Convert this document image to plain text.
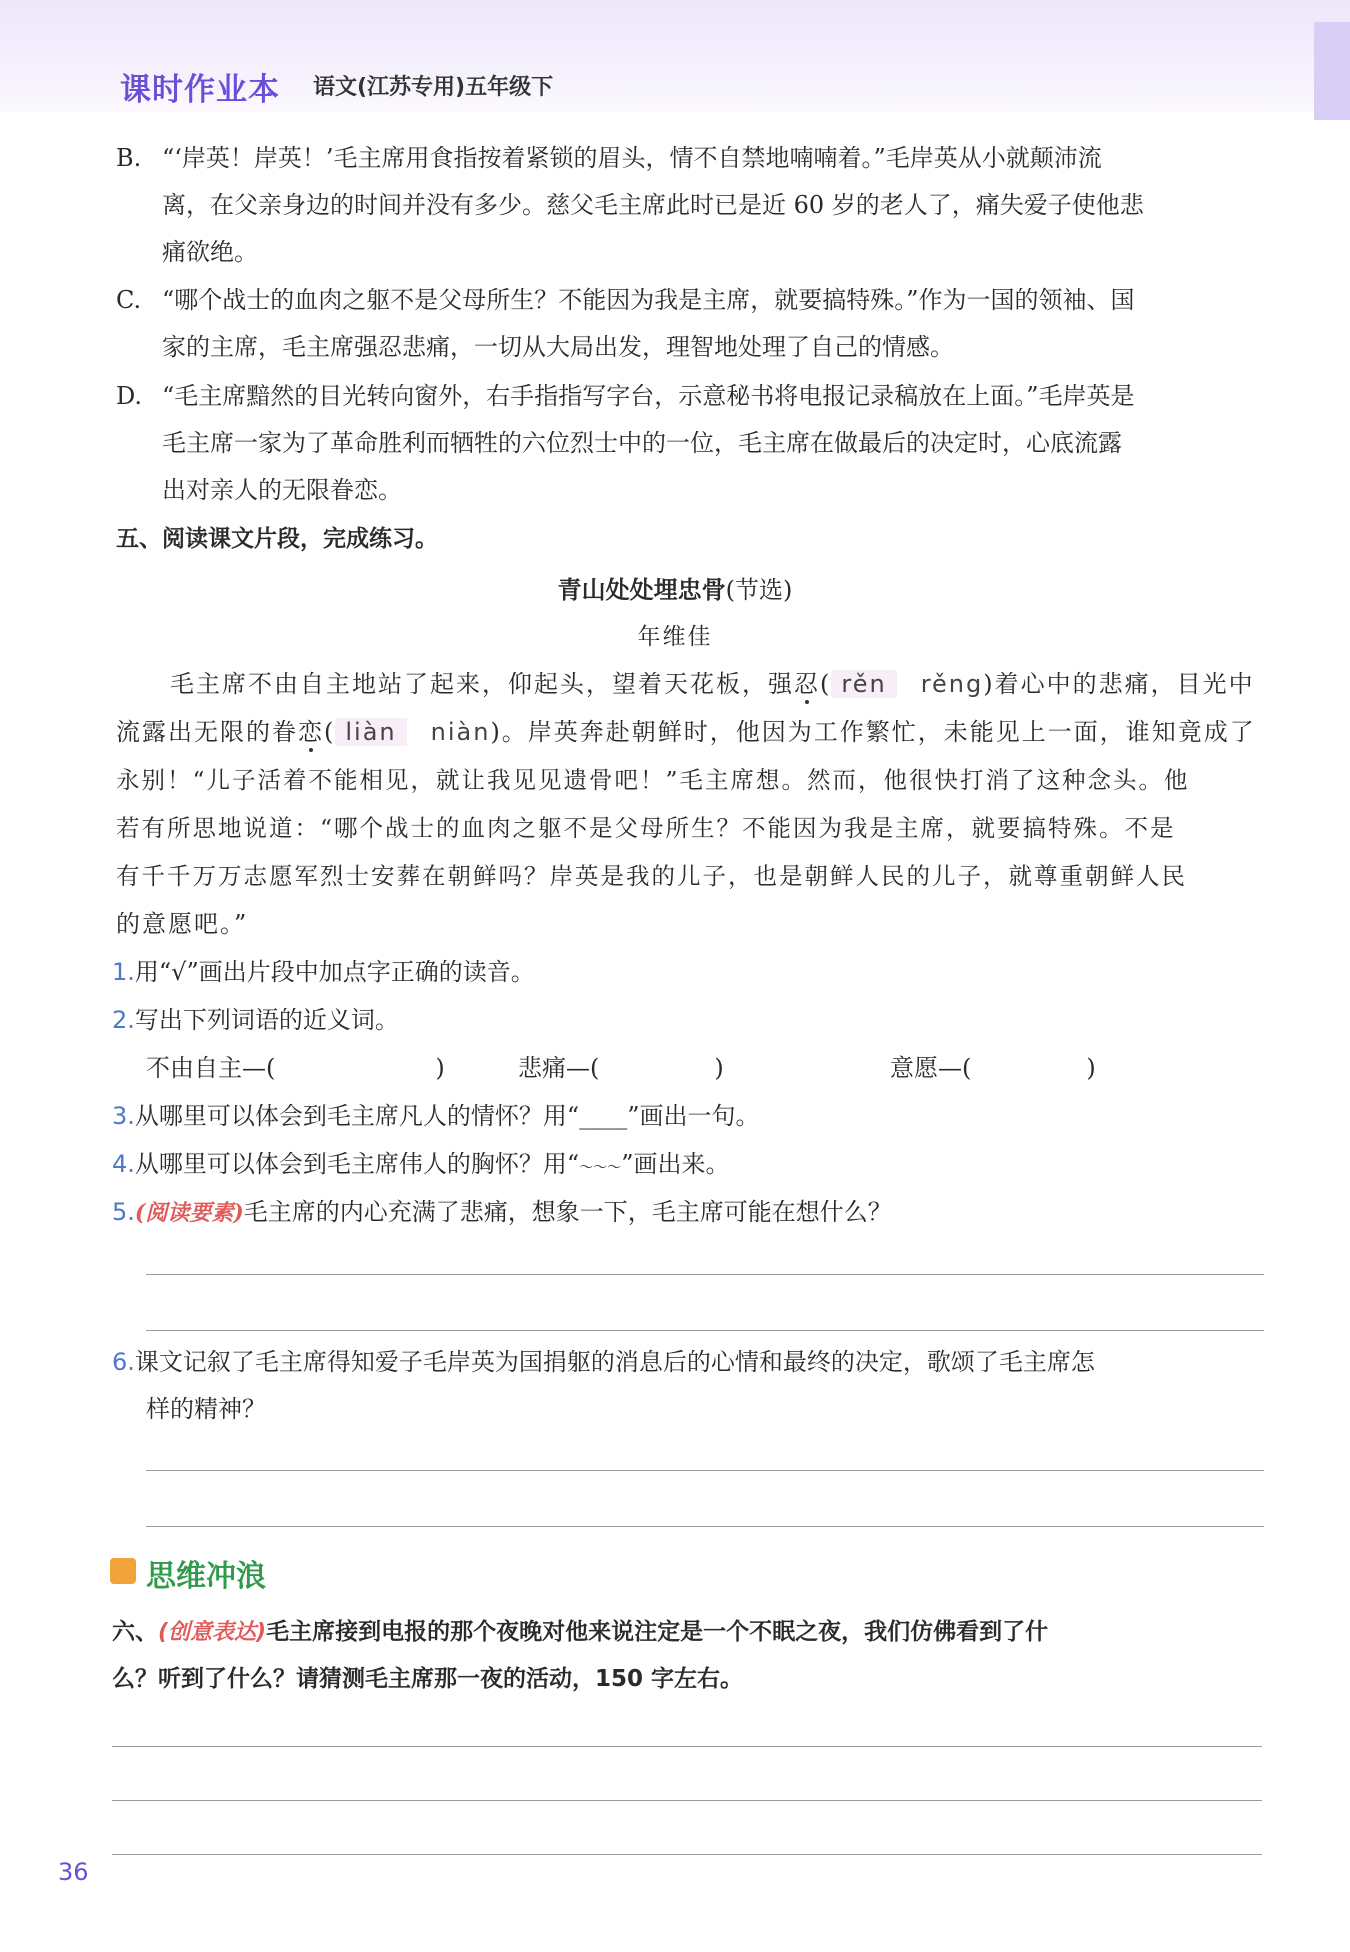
课时作业本 语文(江苏专用)五年级下
B. “‘岸英！岸英！’毛主席用食指按着紧锁的眉头，情不自禁地喃喃着。”毛岸英从小就颠沛流
离，在父亲身边的时间并没有多少。慈父毛主席此时已是近 60 岁的老人了，痛失爱子使他悲
痛欲绝。
C. “哪个战士的血肉之躯不是父母所生？不能因为我是主席，就要搞特殊。”作为一国的领袖、国
家的主席，毛主席强忍悲痛，一切从大局出发，理智地处理了自己的情感。
D. “毛主席黯然的目光转向窗外，右手指指写字台，示意秘书将电报记录稿放在上面。”毛岸英是
毛主席一家为了革命胜利而牺牲的六位烈士中的一位，毛主席在做最后的决定时，心底流露
出对亲人的无限眷恋。
五、阅读课文片段，完成练习。
青山处处埋忠骨(节选)
年维佳
毛主席不由自主地站了起来，仰起头，望着天花板，强忍( rěn rěng)着心中的悲痛，目光中
流露出无限的眷恋( liàn niàn)。岸英奔赴朝鲜时，他因为工作繁忙，未能见上一面，谁知竟成了
永别！“儿子活着不能相见，就让我见见遗骨吧！”毛主席想。然而，他很快打消了这种念头。他
若有所思地说道：“哪个战士的血肉之躯不是父母所生？不能因为我是主席，就要搞特殊。不是
有千千万万志愿军烈士安葬在朝鲜吗？岸英是我的儿子，也是朝鲜人民的儿子，就尊重朝鲜人民
的意愿吧。”
1.用“√”画出片段中加点字正确的读音。
2.写出下列词语的近义词。
不由自主—(	)	悲痛—(	)	意愿—(	)
3.从哪里可以体会到毛主席凡人的情怀？用“____”画出一句。
4.从哪里可以体会到毛主席伟人的胸怀？用“～～～”画出来。
5.(阅读要素)毛主席的内心充满了悲痛，想象一下，毛主席可能在想什么？
6.课文记叙了毛主席得知爱子毛岸英为国捐躯的消息后的心情和最终的决定，歌颂了毛主席怎
样的精神？
思维冲浪
六、(创意表达)毛主席接到电报的那个夜晚对他来说注定是一个不眠之夜，我们仿佛看到了什
么？听到了什么？请猜测毛主席那一夜的活动，150 字左右。
36
